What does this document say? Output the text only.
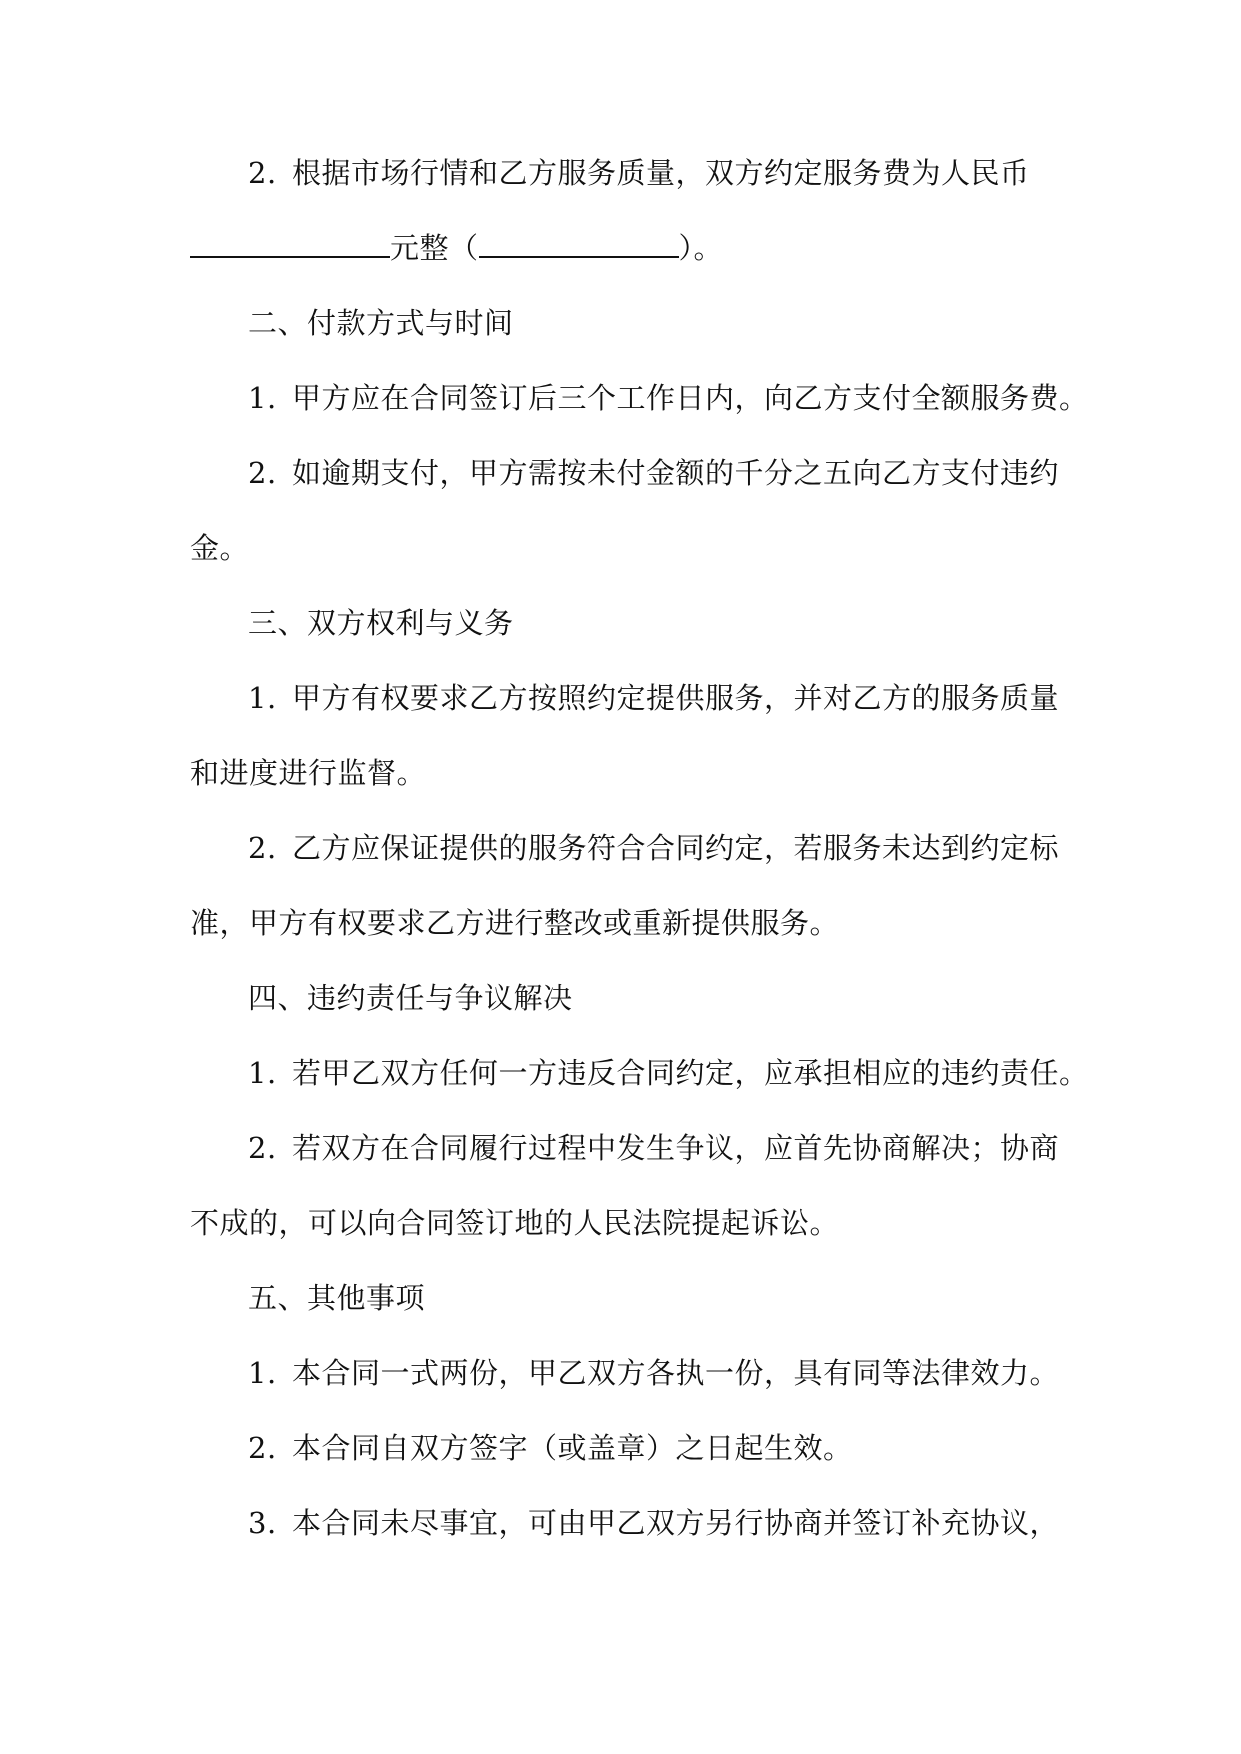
2. 根据市场行情和乙方服务质量，双方约定服务费为人民币
元整（	）。
二、付款方式与时间
1. 甲方应在合同签订后三个工作日内，向乙方支付全额服务费。
2. 如逾期支付，甲方需按未付金额的千分之五向乙方支付违约
金。
三、双方权利与义务
1. 甲方有权要求乙方按照约定提供服务，并对乙方的服务质量
和进度进行监督。
2. 乙方应保证提供的服务符合合同约定，若服务未达到约定标
准，甲方有权要求乙方进行整改或重新提供服务。
四、违约责任与争议解决
1. 若甲乙双方任何一方违反合同约定，应承担相应的违约责任。
2. 若双方在合同履行过程中发生争议，应首先协商解决；协商
不成的，可以向合同签订地的人民法院提起诉讼。
五、其他事项
1. 本合同一式两份，甲乙双方各执一份，具有同等法律效力。
2. 本合同自双方签字（或盖章）之日起生效。
3. 本合同未尽事宜，可由甲乙双方另行协商并签订补充协议，
